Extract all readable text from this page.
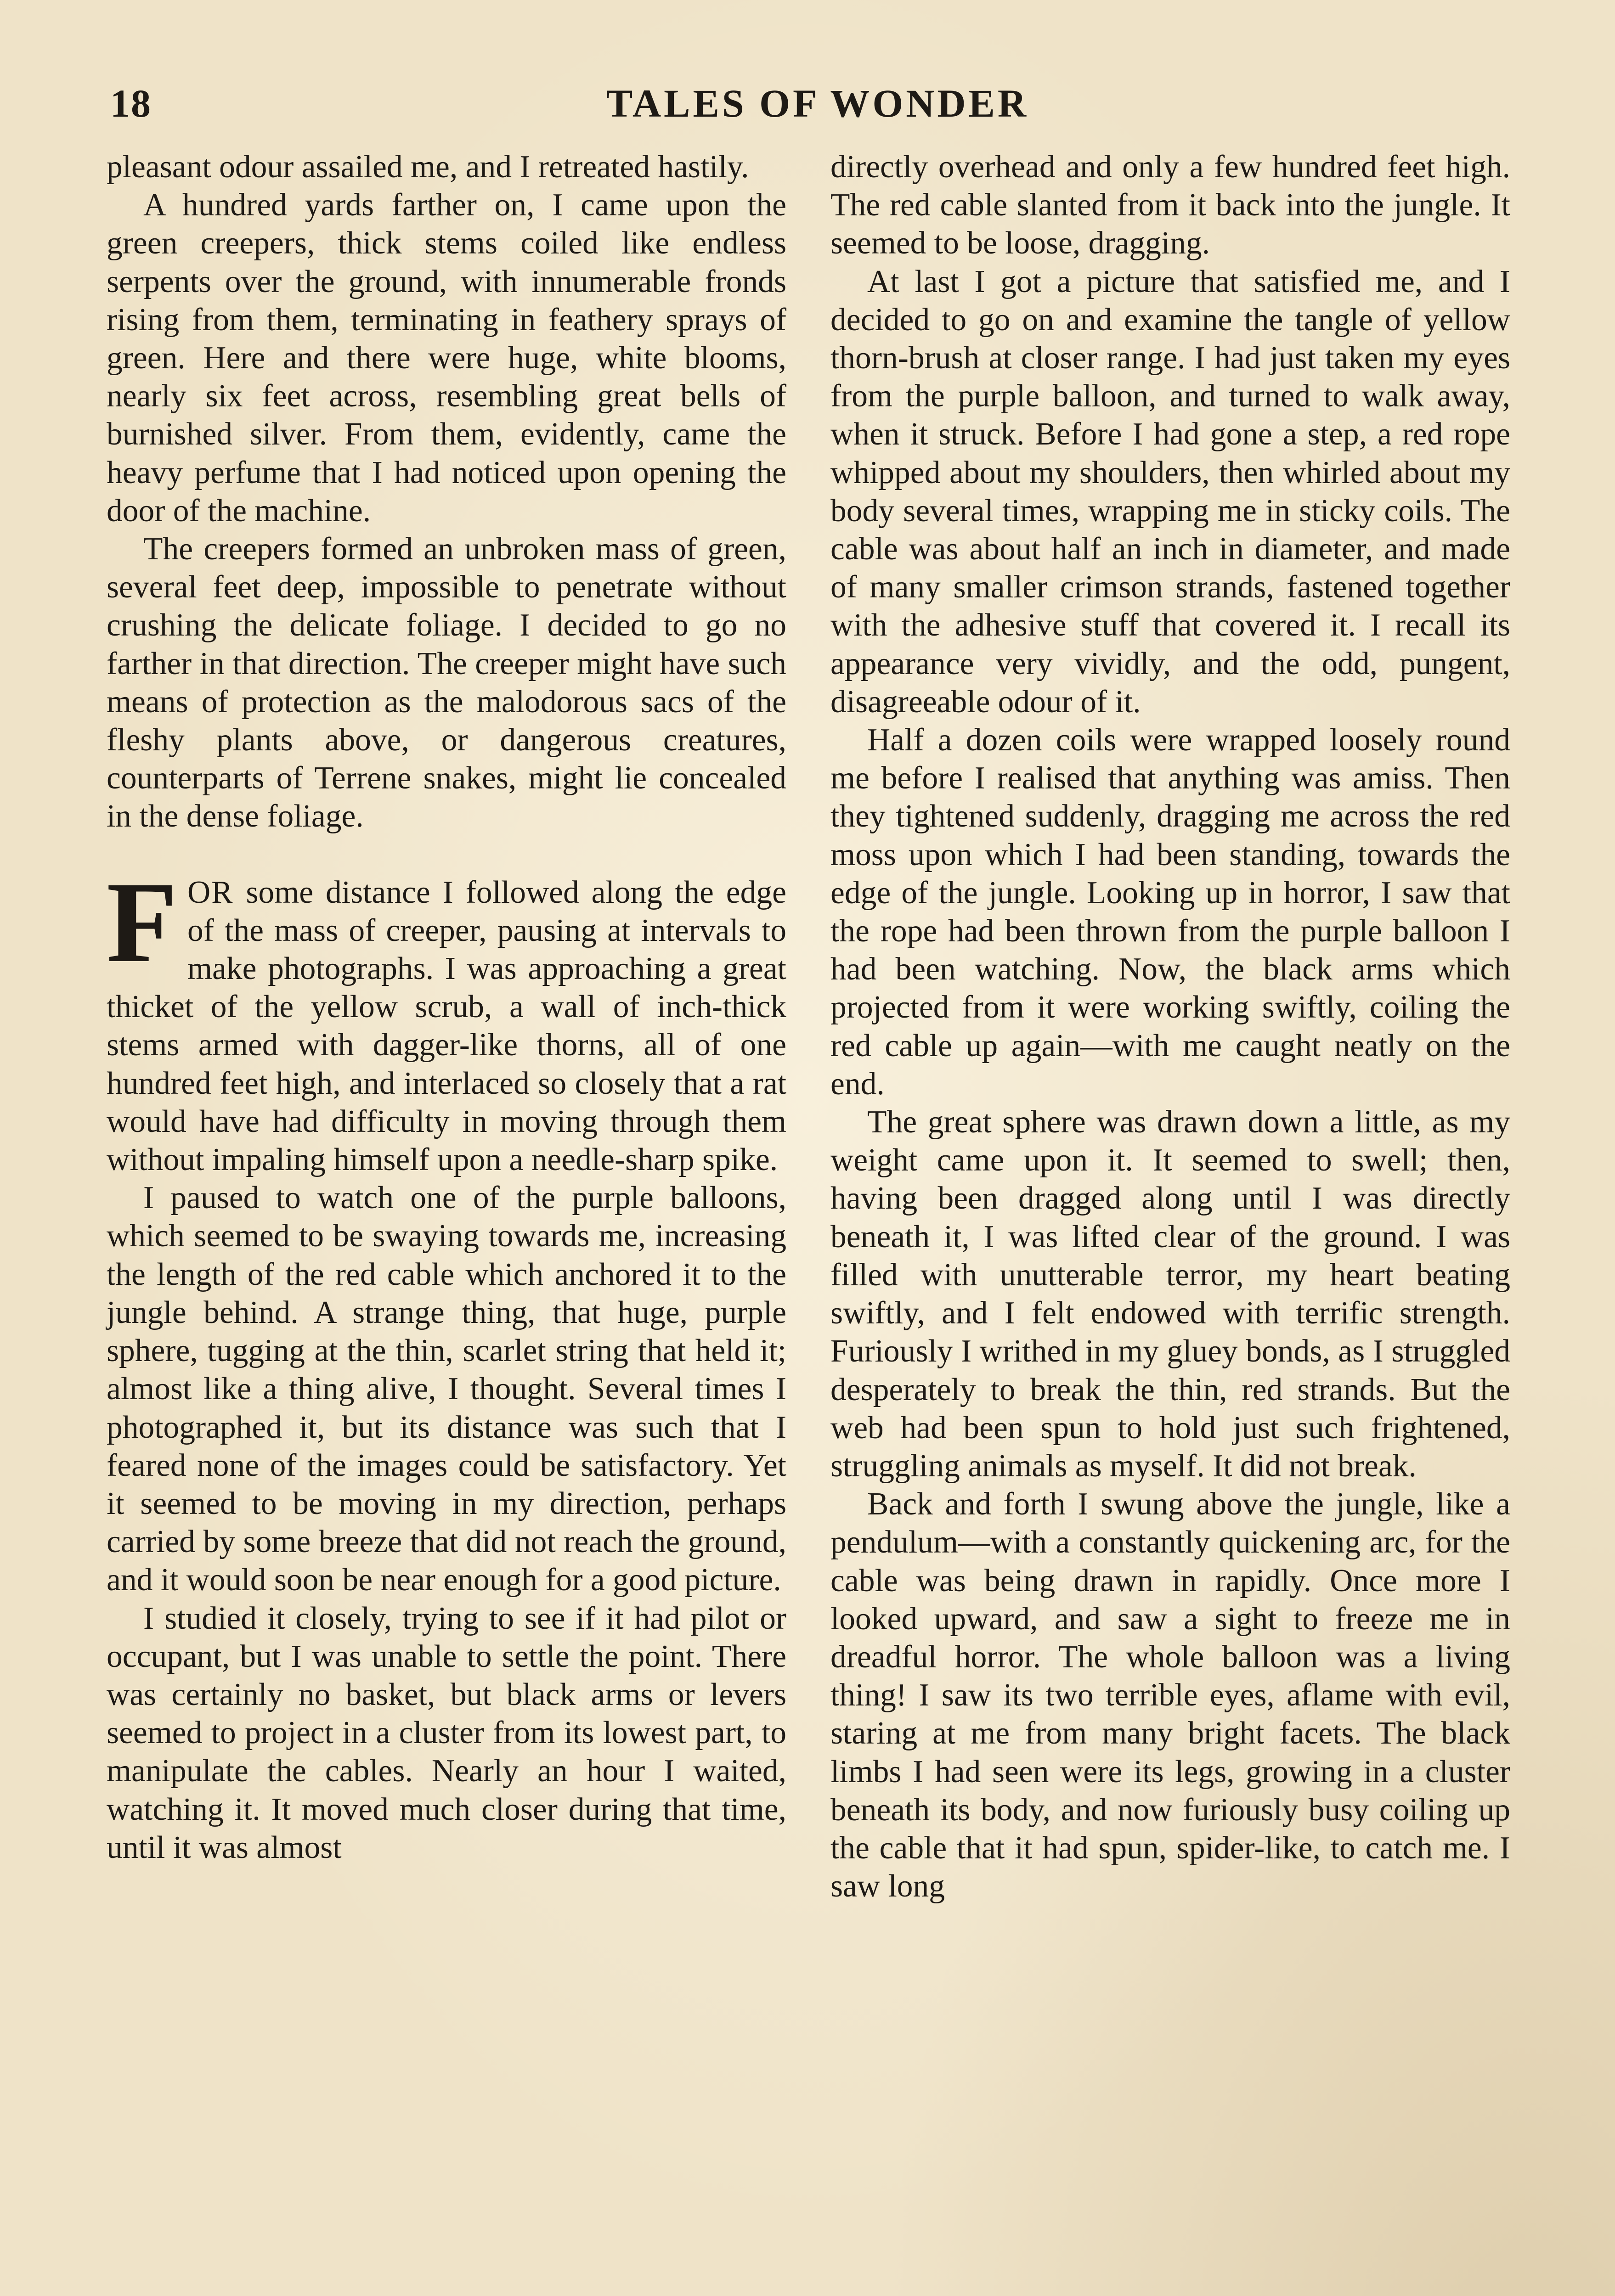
18	TALES OF WONDER

pleasant odour assailed me, and I retreated hastily.

A hundred yards farther on, I came upon the green creepers, thick stems coiled like endless serpents over the ground, with innumerable fronds rising from them, terminating in feathery sprays of green. Here and there were huge, white blooms, nearly six feet across, resembling great bells of burnished silver. From them, evidently, came the heavy perfume that I had noticed upon opening the door of the machine.

The creepers formed an unbroken mass of green, several feet deep, impossible to penetrate without crushing the delicate foliage. I decided to go no farther in that direction. The creeper might have such means of protection as the malodorous sacs of the fleshy plants above, or dangerous creatures, counterparts of Terrene snakes, might lie concealed in the dense foliage.

FOR some distance I followed along the edge of the mass of creeper, pausing at intervals to make photographs. I was approaching a great thicket of the yellow scrub, a wall of inch-thick stems armed with dagger-like thorns, all of one hundred feet high, and interlaced so closely that a rat would have had difficulty in moving through them without impaling himself upon a needle-sharp spike.

I paused to watch one of the purple balloons, which seemed to be swaying towards me, increasing the length of the red cable which anchored it to the jungle behind. A strange thing, that huge, purple sphere, tugging at the thin, scarlet string that held it; almost like a thing alive, I thought. Several times I photographed it, but its distance was such that I feared none of the images could be satisfactory. Yet it seemed to be moving in my direction, perhaps carried by some breeze that did not reach the ground, and it would soon be near enough for a good picture.

I studied it closely, trying to see if it had pilot or occupant, but I was unable to settle the point. There was certainly no basket, but black arms or levers seemed to project in a cluster from its lowest part, to manipulate the cables. Nearly an hour I waited, watching it. It moved much closer during that time, until it was almost

directly overhead and only a few hundred feet high. The red cable slanted from it back into the jungle. It seemed to be loose, dragging.

At last I got a picture that satisfied me, and I decided to go on and examine the tangle of yellow thorn-brush at closer range. I had just taken my eyes from the purple balloon, and turned to walk away, when it struck. Before I had gone a step, a red rope whipped about my shoulders, then whirled about my body several times, wrapping me in sticky coils. The cable was about half an inch in diameter, and made of many smaller crimson strands, fastened together with the adhesive stuff that covered it. I recall its appearance very vividly, and the odd, pungent, disagreeable odour of it.

Half a dozen coils were wrapped loosely round me before I realised that anything was amiss. Then they tightened suddenly, dragging me across the red moss upon which I had been standing, towards the edge of the jungle. Looking up in horror, I saw that the rope had been thrown from the purple balloon I had been watching. Now, the black arms which projected from it were working swiftly, coiling the red cable up again—with me caught neatly on the end.

The great sphere was drawn down a little, as my weight came upon it. It seemed to swell; then, having been dragged along until I was directly beneath it, I was lifted clear of the ground. I was filled with unutterable terror, my heart beating swiftly, and I felt endowed with terrific strength. Furiously I writhed in my gluey bonds, as I struggled desperately to break the thin, red strands. But the web had been spun to hold just such frightened, struggling animals as myself. It did not break.

Back and forth I swung above the jungle, like a pendulum—with a constantly quickening arc, for the cable was being drawn in rapidly. Once more I looked upward, and saw a sight to freeze me in dreadful horror. The whole balloon was a living thing! I saw its two terrible eyes, aflame with evil, staring at me from many bright facets. The black limbs I had seen were its legs, growing in a cluster beneath its body, and now furiously busy coiling up the cable that it had spun, spider-like, to catch me. I saw long
